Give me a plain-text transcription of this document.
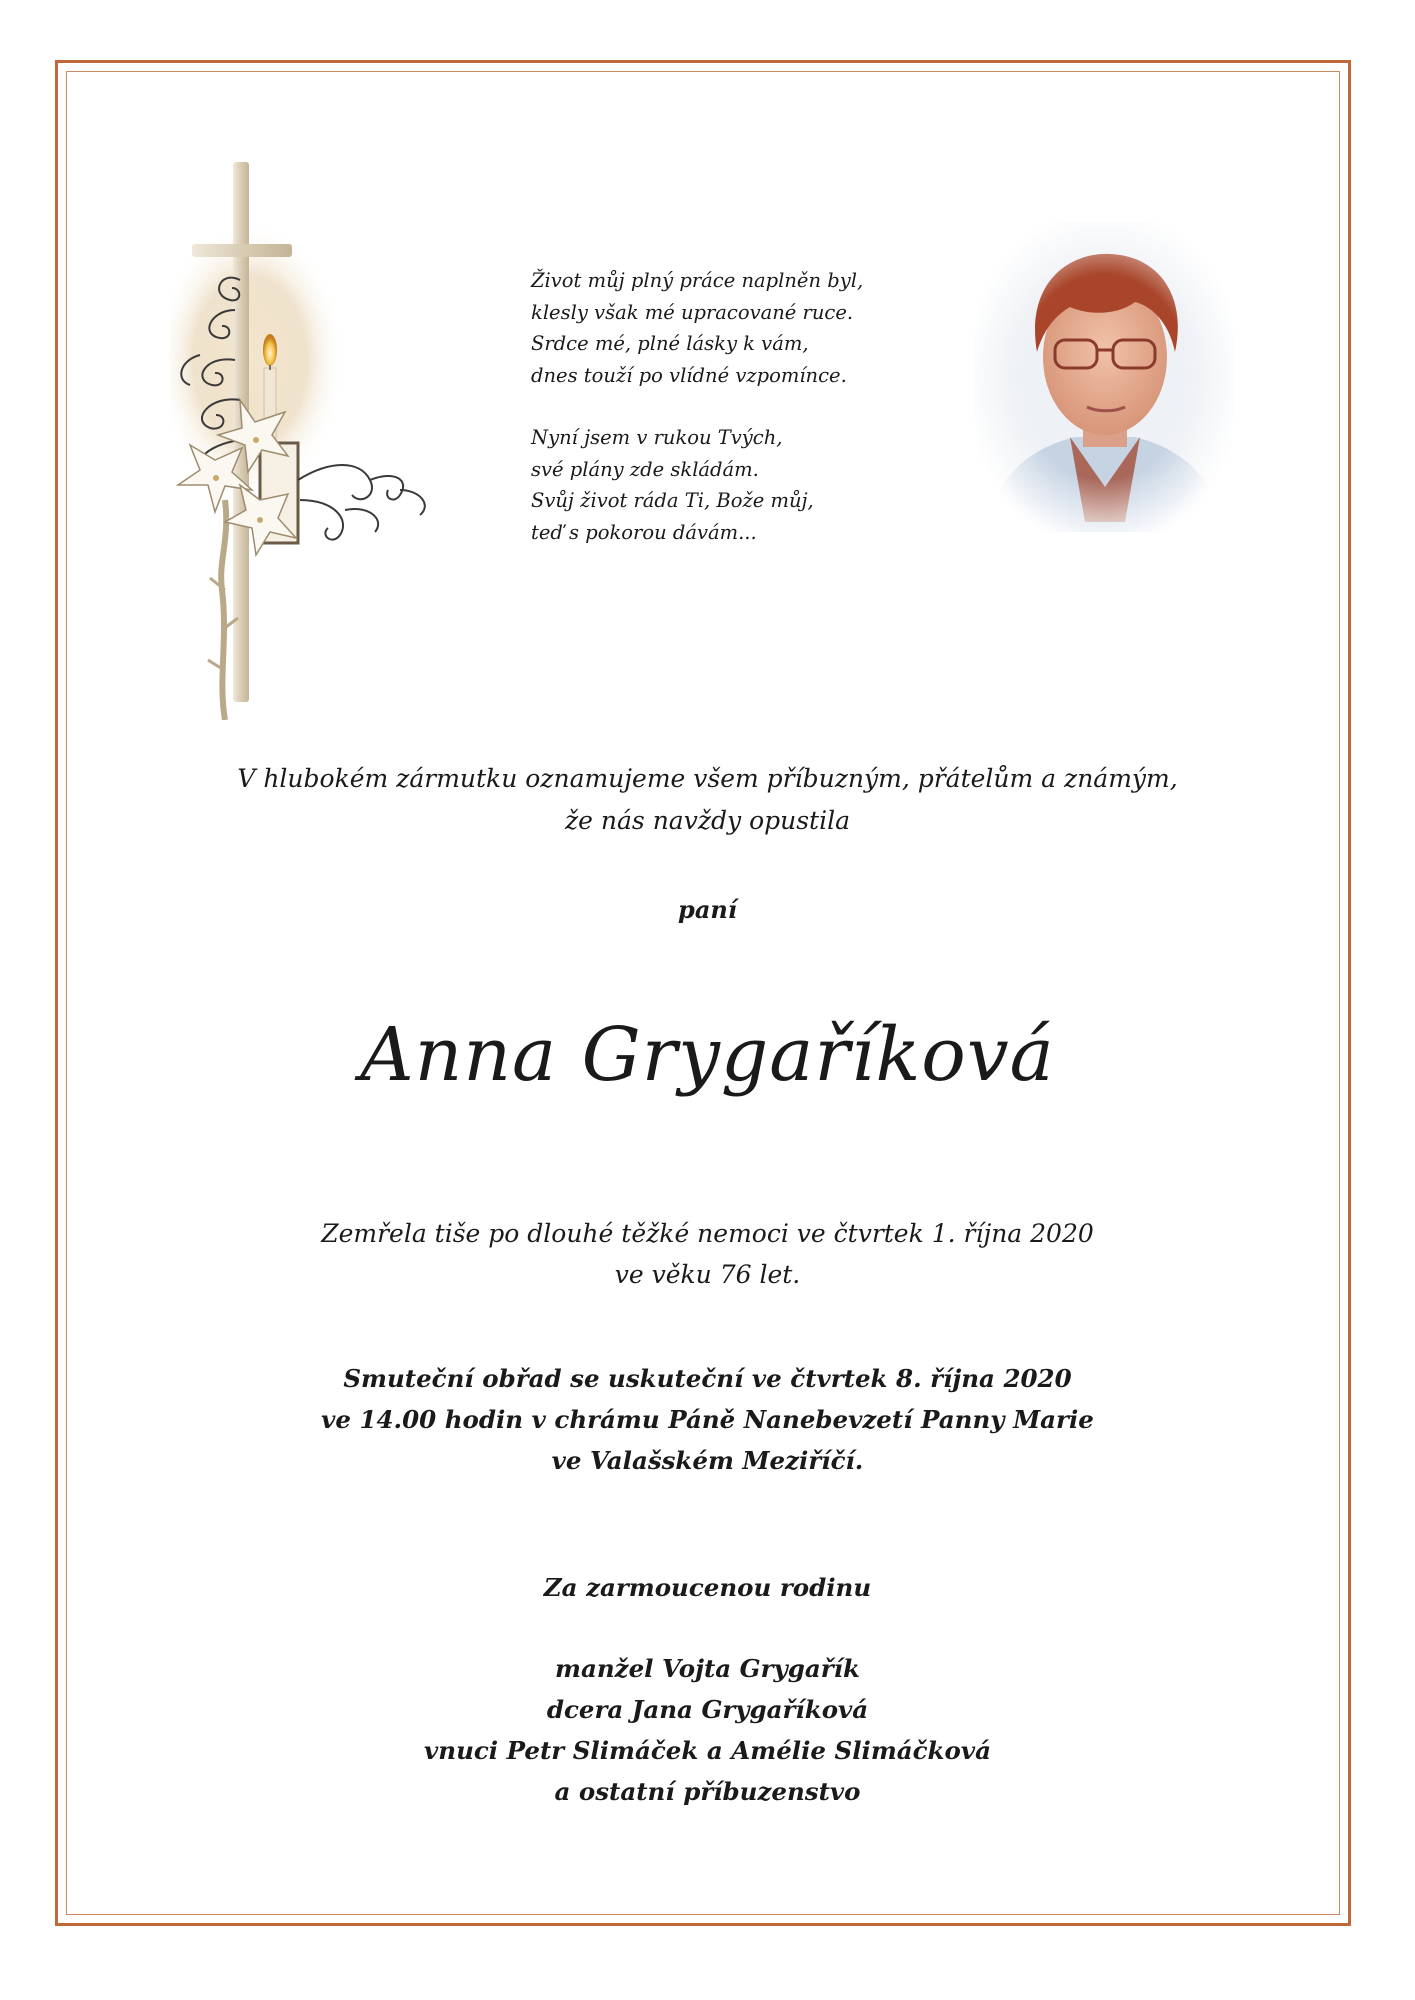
Život můj plný práce naplněn byl,
klesly však mé upracované ruce.
Srdce mé, plné lásky k vám,
dnes touží po vlídné vzpomínce.
Nyní jsem v rukou Tvých,
své plány zde skládám.
Svůj život ráda Ti, Bože můj,
teď s pokorou dávám...
V hlubokém zármutku oznamujeme všem příbuzným, přátelům a známým,
že nás navždy opustila
paní
Anna Grygaříková
Zemřela tiše po dlouhé těžké nemoci ve čtvrtek 1. října 2020
ve věku 76 let.
Smuteční obřad se uskuteční ve čtvrtek 8. října 2020
ve 14.00 hodin v chrámu Páně Nanebevzetí Panny Marie
ve Valašském Meziříčí.
Za zarmoucenou rodinu
manžel Vojta Grygařík
dcera Jana Grygaříková
vnuci Petr Slimáček a Amélie Slimáčková
a ostatní příbuzenstvo
